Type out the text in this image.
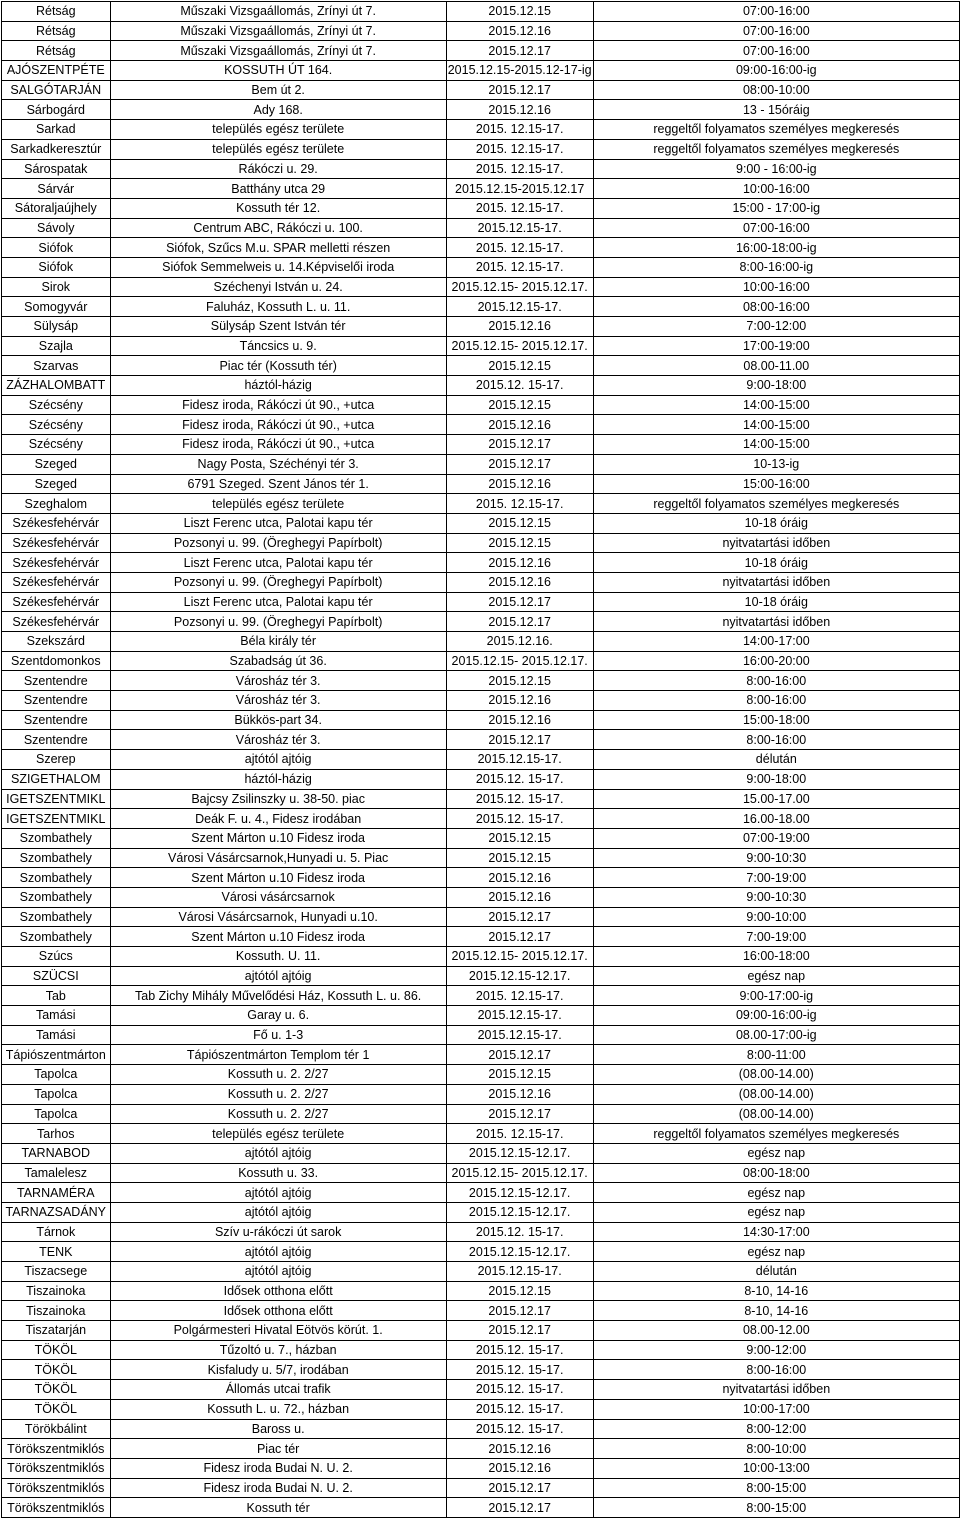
Rétság	Műszaki Vizsgaállomás, Zrínyi út 7.	2015.12.15	07:00-16:00
Rétság	Műszaki Vizsgaállomás, Zrínyi út 7.	2015.12.16	07:00-16:00
Rétság	Műszaki Vizsgaállomás, Zrínyi út 7.	2015.12.17	07:00-16:00
AJÓSZENTPÉTE	KOSSUTH ÚT 164.	2015.12.15-2015.12-17-ig	09:00-16:00-ig
SALGÓTARJÁN	Bem út 2.	2015.12.17	08:00-10:00
Sárbogárd	Ady 168.	2015.12.16	13 - 15óráig
Sarkad	település egész területe	2015. 12.15-17.	reggeltől folyamatos személyes megkeresés
Sarkadkeresztúr	település egész területe	2015. 12.15-17.	reggeltől folyamatos személyes megkeresés
Sárospatak	Rákóczi u. 29.	2015. 12.15-17.	9:00 - 16:00-ig
Sárvár	Batthány utca 29	2015.12.15-2015.12.17	10:00-16:00
Sátoraljaújhely	Kossuth tér 12.	2015. 12.15-17.	15:00 - 17:00-ig
Sávoly	Centrum ABC, Rákóczi u. 100.	2015.12.15-17.	07:00-16:00
Siófok	Siófok, Szűcs M.u. SPAR melletti részen	2015. 12.15-17.	16:00-18:00-ig
Siófok	Siófok Semmelweis u. 14.Képviselői iroda	2015. 12.15-17.	8:00-16:00-ig
Sirok	Széchenyi István u. 24.	2015.12.15- 2015.12.17.	10:00-16:00
Somogyvár	Faluház, Kossuth L. u. 11.	2015.12.15-17.	08:00-16:00
Sülysáp	Sülysáp Szent István tér	2015.12.16	7:00-12:00
Szajla	Táncsics u. 9.	2015.12.15- 2015.12.17.	17:00-19:00
Szarvas	Piac tér (Kossuth tér)	2015.12.15	08.00-11.00
ZÁZHALOMBATT	háztól-házig	2015.12. 15-17.	9:00-18:00
Szécsény	Fidesz iroda, Rákóczi út 90., +utca	2015.12.15	14:00-15:00
Szécsény	Fidesz iroda, Rákóczi út 90., +utca	2015.12.16	14:00-15:00
Szécsény	Fidesz iroda, Rákóczi út 90., +utca	2015.12.17	14:00-15:00
Szeged	Nagy Posta, Széchényi tér 3.	2015.12.17	10-13-ig
Szeged	6791 Szeged. Szent János tér 1.	2015.12.16	15:00-16:00
Szeghalom	település egész területe	2015. 12.15-17.	reggeltől folyamatos személyes megkeresés
Székesfehérvár	Liszt Ferenc utca, Palotai kapu tér	2015.12.15	10-18 óráig
Székesfehérvár	Pozsonyi u. 99. (Öreghegyi Papírbolt)	2015.12.15	nyitvatartási időben
Székesfehérvár	Liszt Ferenc utca, Palotai kapu tér	2015.12.16	10-18 óráig
Székesfehérvár	Pozsonyi u. 99. (Öreghegyi Papírbolt)	2015.12.16	nyitvatartási időben
Székesfehérvár	Liszt Ferenc utca, Palotai kapu tér	2015.12.17	10-18 óráig
Székesfehérvár	Pozsonyi u. 99. (Öreghegyi Papírbolt)	2015.12.17	nyitvatartási időben
Szekszárd	Béla király tér	2015.12.16.	14:00-17:00
Szentdomonkos	Szabadság út 36.	2015.12.15- 2015.12.17.	16:00-20:00
Szentendre	Városház tér 3.	2015.12.15	8:00-16:00
Szentendre	Városház tér 3.	2015.12.16	8:00-16:00
Szentendre	Bükkös-part 34.	2015.12.16	15:00-18:00
Szentendre	Városház tér 3.	2015.12.17	8:00-16:00
Szerep	ajtótól ajtóig	2015.12.15-17.	délután
SZIGETHALOM	háztól-házig	2015.12. 15-17.	9:00-18:00
IGETSZENTMIKL	Bajcsy Zsilinszky u. 38-50. piac	2015.12. 15-17.	15.00-17.00
IGETSZENTMIKL	Deák F. u. 4., Fidesz irodában	2015.12. 15-17.	16.00-18.00
Szombathely	Szent Márton u.10 Fidesz iroda	2015.12.15	07:00-19:00
Szombathely	Városi Vásárcsarnok,Hunyadi u. 5. Piac	2015.12.15	9:00-10:30
Szombathely	Szent Márton u.10 Fidesz iroda	2015.12.16	7:00-19:00
Szombathely	Városi vásárcsarnok	2015.12.16	9:00-10:30
Szombathely	Városi Vásárcsarnok, Hunyadi u.10.	2015.12.17	9:00-10:00
Szombathely	Szent Márton u.10 Fidesz iroda	2015.12.17	7:00-19:00
Szúcs	Kossuth. U. 11.	2015.12.15- 2015.12.17.	16:00-18:00
SZÜCSI	ajtótól ajtóig	2015.12.15-12.17.	egész nap
Tab	Tab Zichy Mihály Művelődési Ház, Kossuth L. u. 86.	2015. 12.15-17.	9:00-17:00-ig
Tamási	Garay u. 6.	2015.12.15-17.	09:00-16:00-ig
Tamási	Fő u. 1-3	2015.12.15-17.	08.00-17:00-ig
Tápiószentmárton	Tápiószentmárton Templom tér 1	2015.12.17	8:00-11:00
Tapolca	Kossuth u. 2. 2/27	2015.12.15	(08.00-14.00)
Tapolca	Kossuth u. 2. 2/27	2015.12.16	(08.00-14.00)
Tapolca	Kossuth u. 2. 2/27	2015.12.17	(08.00-14.00)
Tarhos	település egész területe	2015. 12.15-17.	reggeltől folyamatos személyes megkeresés
TARNABOD	ajtótól ajtóig	2015.12.15-12.17.	egész nap
Tamalelesz	Kossuth u. 33.	2015.12.15- 2015.12.17.	08:00-18:00
TARNAMÉRA	ajtótól ajtóig	2015.12.15-12.17.	egész nap
TARNAZSADÁNY	ajtótól ajtóig	2015.12.15-12.17.	egész nap
Tárnok	Szív u-rákóczi út sarok	2015.12. 15-17.	14:30-17:00
TENK	ajtótól ajtóig	2015.12.15-12.17.	egész nap
Tiszacsege	ajtótól ajtóig	2015.12.15-17.	délután
Tiszainoka	Idősek otthona előtt	2015.12.15	8-10, 14-16
Tiszainoka	Idősek otthona előtt	2015.12.17	8-10, 14-16
Tiszatarján	Polgármesteri Hivatal Eötvös körút. 1.	2015.12.17	08.00-12.00
TÖKÖL	Tűzoltó u. 7., házban	2015.12. 15-17.	9:00-12:00
TÖKÖL	Kisfaludy u. 5/7, irodában	2015.12. 15-17.	8:00-16:00
TÖKÖL	Állomás utcai trafik	2015.12. 15-17.	nyitvatartási időben
TÖKÖL	Kossuth L. u. 72., házban	2015.12. 15-17.	10:00-17:00
Törökbálint	Baross u.	2015.12. 15-17.	8:00-12:00
Törökszentmiklós	Piac tér	2015.12.16	8:00-10:00
Törökszentmiklós	Fidesz iroda Budai N. U. 2.	2015.12.16	10:00-13:00
Törökszentmiklós	Fidesz iroda Budai N. U. 2.	2015.12.17	8:00-15:00
Törökszentmiklós	Kossuth tér	2015.12.17	8:00-15:00
